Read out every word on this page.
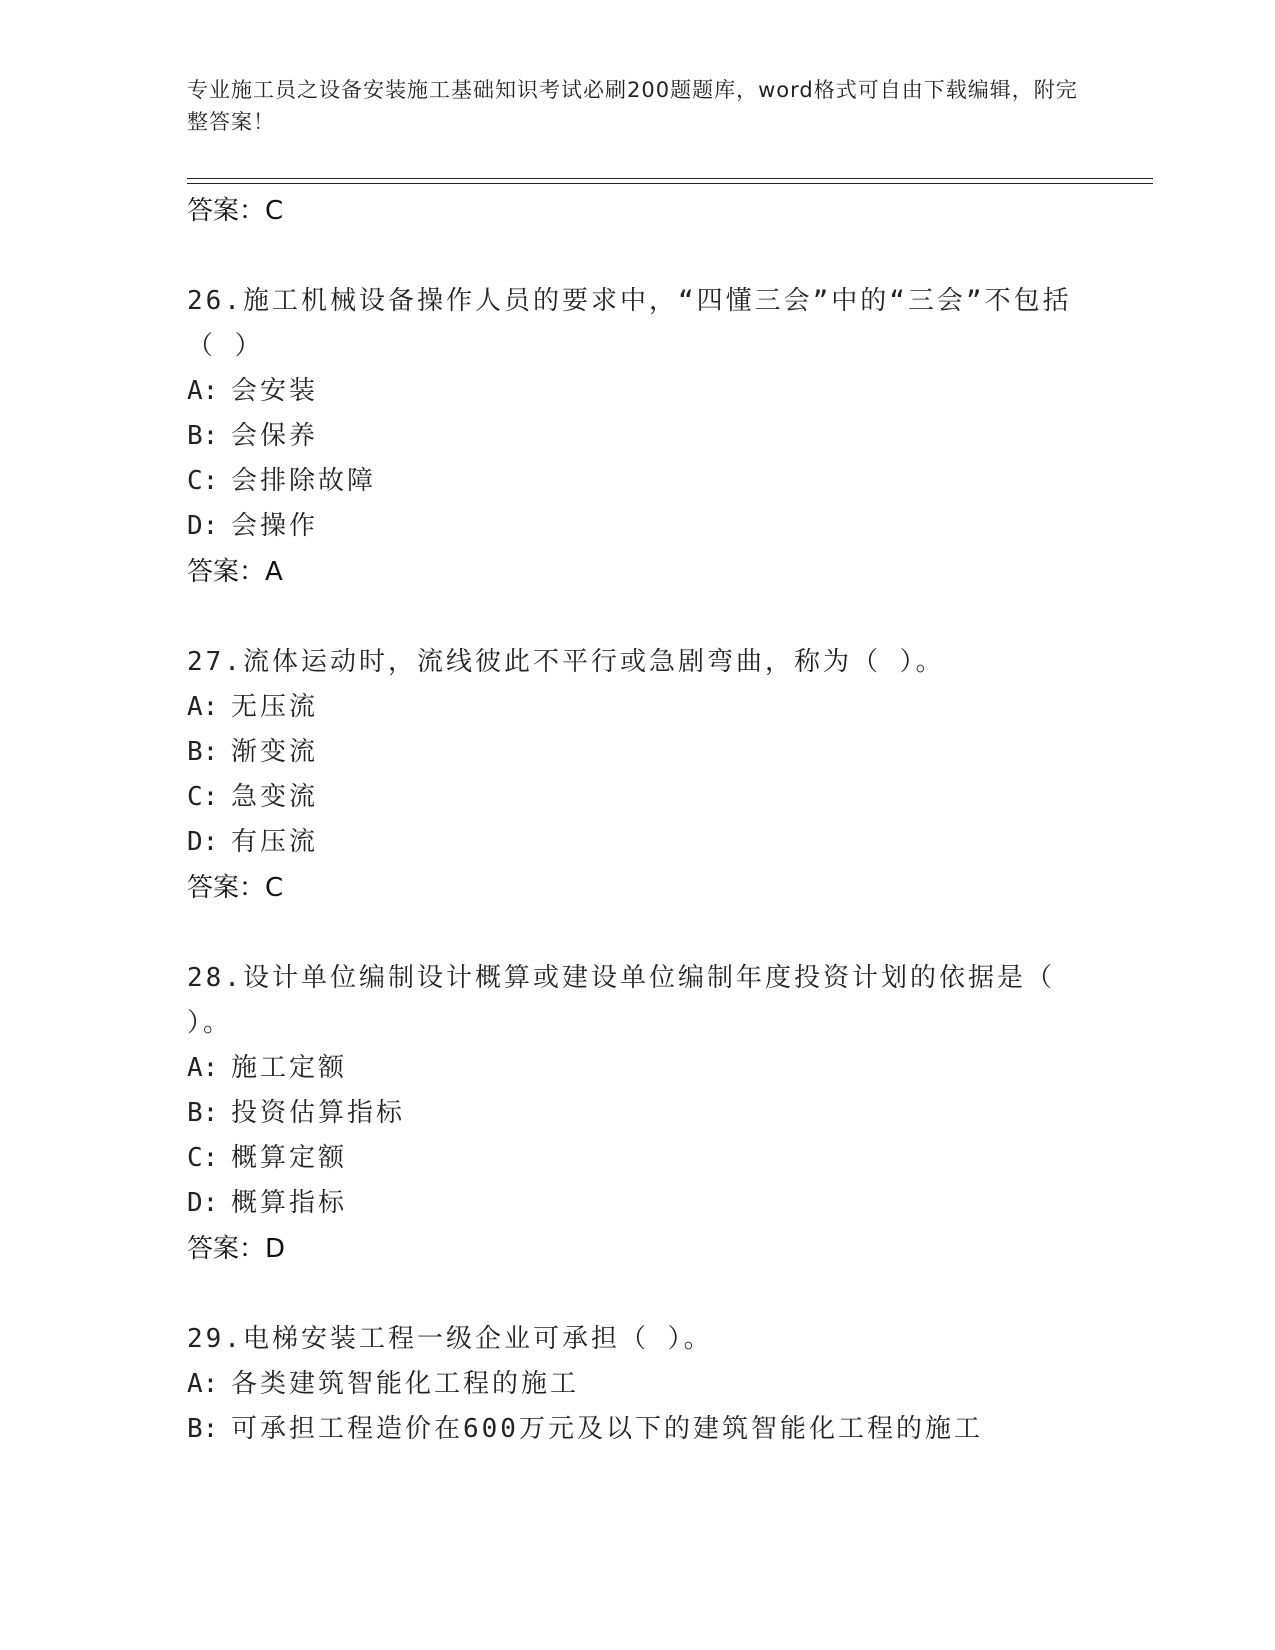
专业施工员之设备安装施工基础知识考试必刷200题题库，word格式可自由下载编辑，附完整答案！
答案：C
26.施工机械设备操作人员的要求中，“四懂三会”中的“三会”不包括（ ）
A: 会安装
B: 会保养
C: 会排除故障
D: 会操作
答案：A
27.流体运动时，流线彼此不平行或急剧弯曲，称为（ ）。
A: 无压流
B: 渐变流
C: 急变流
D: 有压流
答案：C
28.设计单位编制设计概算或建设单位编制年度投资计划的依据是（ ）。
A: 施工定额
B: 投资估算指标
C: 概算定额
D: 概算指标
答案：D
29.电梯安装工程一级企业可承担（ ）。
A: 各类建筑智能化工程的施工
B: 可承担工程造价在600万元及以下的建筑智能化工程的施工
